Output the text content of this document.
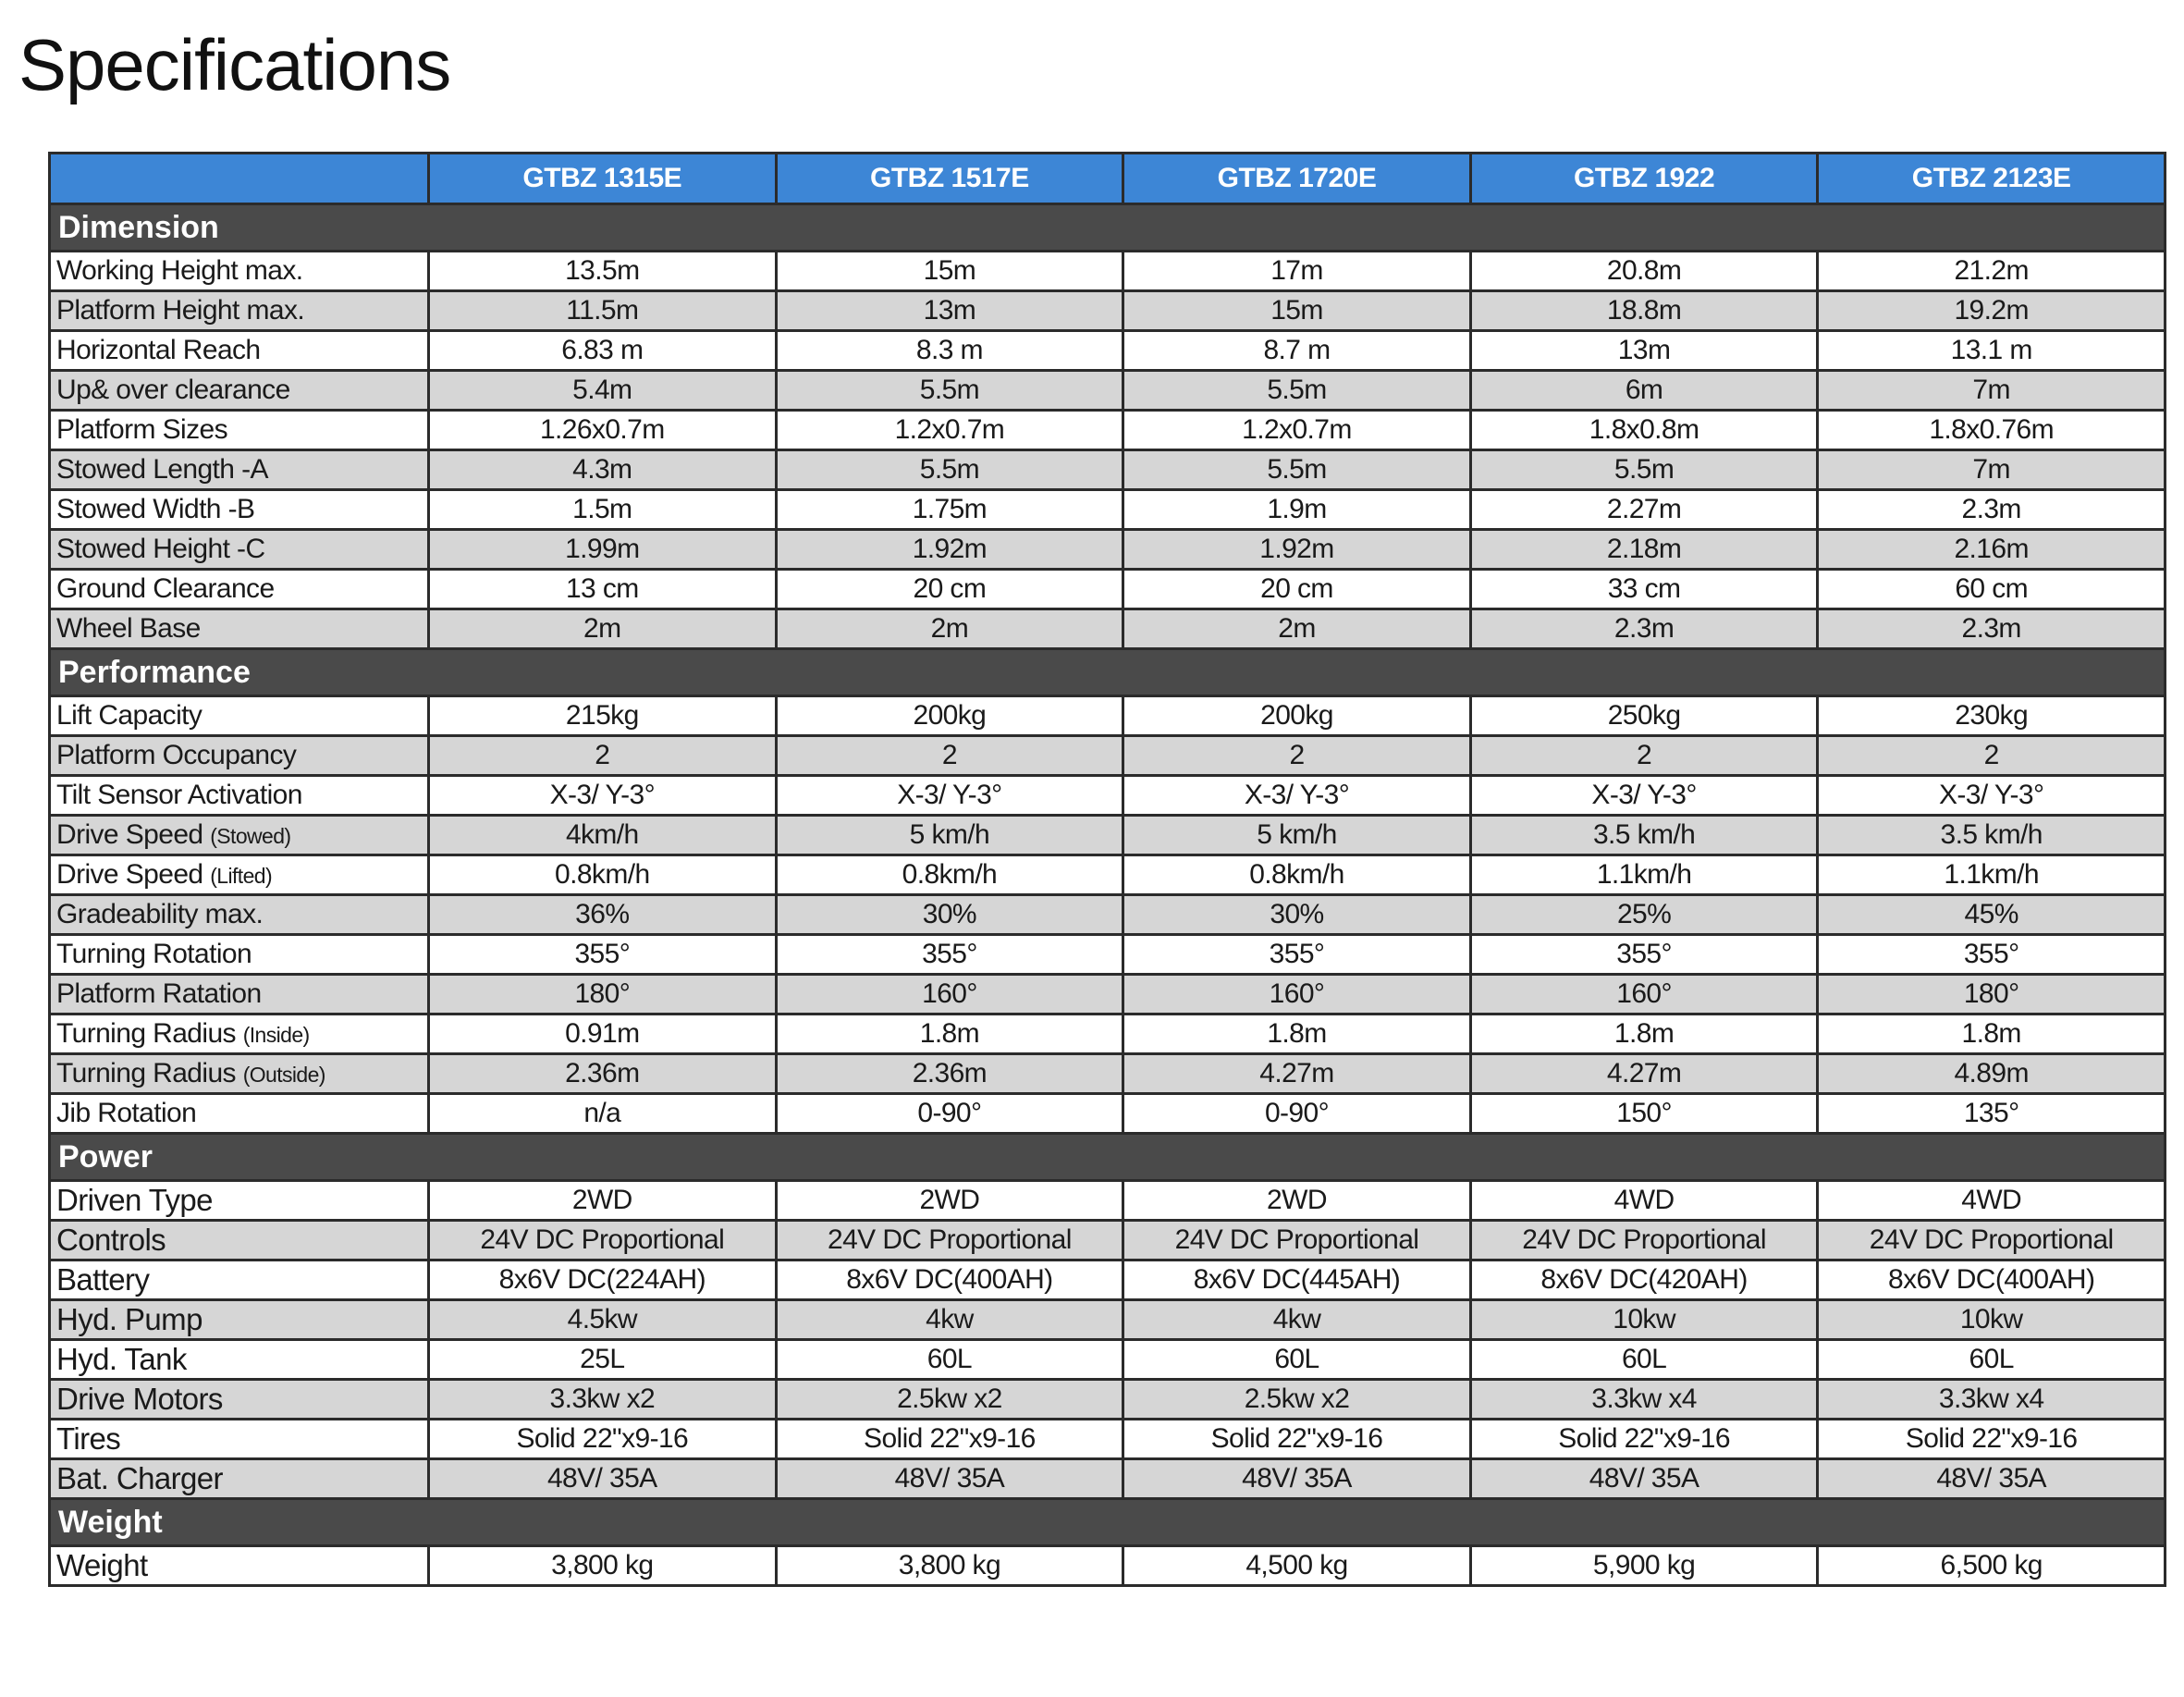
Specifications
	GTBZ 1315E	GTBZ 1517E	GTBZ 1720E	GTBZ 1922	GTBZ 2123E
Dimension					
Working Height max.	13.5m	15m	17m	20.8m	21.2m
Platform Height max.	11.5m	13m	15m	18.8m	19.2m
Horizontal Reach	6.83 m	8.3 m	8.7 m	13m	13.1 m
Up& over clearance	5.4m	5.5m	5.5m	6m	7m
Platform Sizes	1.26x0.7m	1.2x0.7m	1.2x0.7m	1.8x0.8m	1.8x0.76m
Stowed Length -A	4.3m	5.5m	5.5m	5.5m	7m
Stowed Width -B	1.5m	1.75m	1.9m	2.27m	2.3m
Stowed Height -C	1.99m	1.92m	1.92m	2.18m	2.16m
Ground Clearance	13 cm	20 cm	20 cm	33 cm	60 cm
Wheel Base	2m	2m	2m	2.3m	2.3m
Performance					
Lift Capacity	215kg	200kg	200kg	250kg	230kg
Platform Occupancy	2	2	2	2	2
Tilt Sensor Activation	X-3/ Y-3°	X-3/ Y-3°	X-3/ Y-3°	X-3/ Y-3°	X-3/ Y-3°
Drive Speed (Stowed)	4km/h	5 km/h	5 km/h	3.5 km/h	3.5 km/h
Drive Speed (Lifted)	0.8km/h	0.8km/h	0.8km/h	1.1km/h	1.1km/h
Gradeability max.	36%	30%	30%	25%	45%
Turning Rotation	355°	355°	355°	355°	355°
Platform Ratation	180°	160°	160°	160°	180°
Turning Radius (Inside)	0.91m	1.8m	1.8m	1.8m	1.8m
Turning Radius (Outside)	2.36m	2.36m	4.27m	4.27m	4.89m
Jib Rotation	n/a	0-90°	0-90°	150°	135°
Power					
Driven Type	2WD	2WD	2WD	4WD	4WD
Controls	24V DC Proportional	24V DC Proportional	24V DC Proportional	24V DC Proportional	24V DC Proportional
Battery	8x6V DC(224AH)	8x6V DC(400AH)	8x6V DC(445AH)	8x6V DC(420AH)	8x6V DC(400AH)
Hyd. Pump	4.5kw	4kw	4kw	10kw	10kw
Hyd. Tank	25L	60L	60L	60L	60L
Drive Motors	3.3kw x2	2.5kw x2	2.5kw x2	3.3kw x4	3.3kw x4
Tires	Solid 22"x9-16	Solid 22"x9-16	Solid 22"x9-16	Solid 22"x9-16	Solid 22"x9-16
Bat. Charger	48V/ 35A	48V/ 35A	48V/ 35A	48V/ 35A	48V/ 35A
Weight					
Weight	3,800 kg	3,800 kg	4,500 kg	5,900 kg	6,500 kg
